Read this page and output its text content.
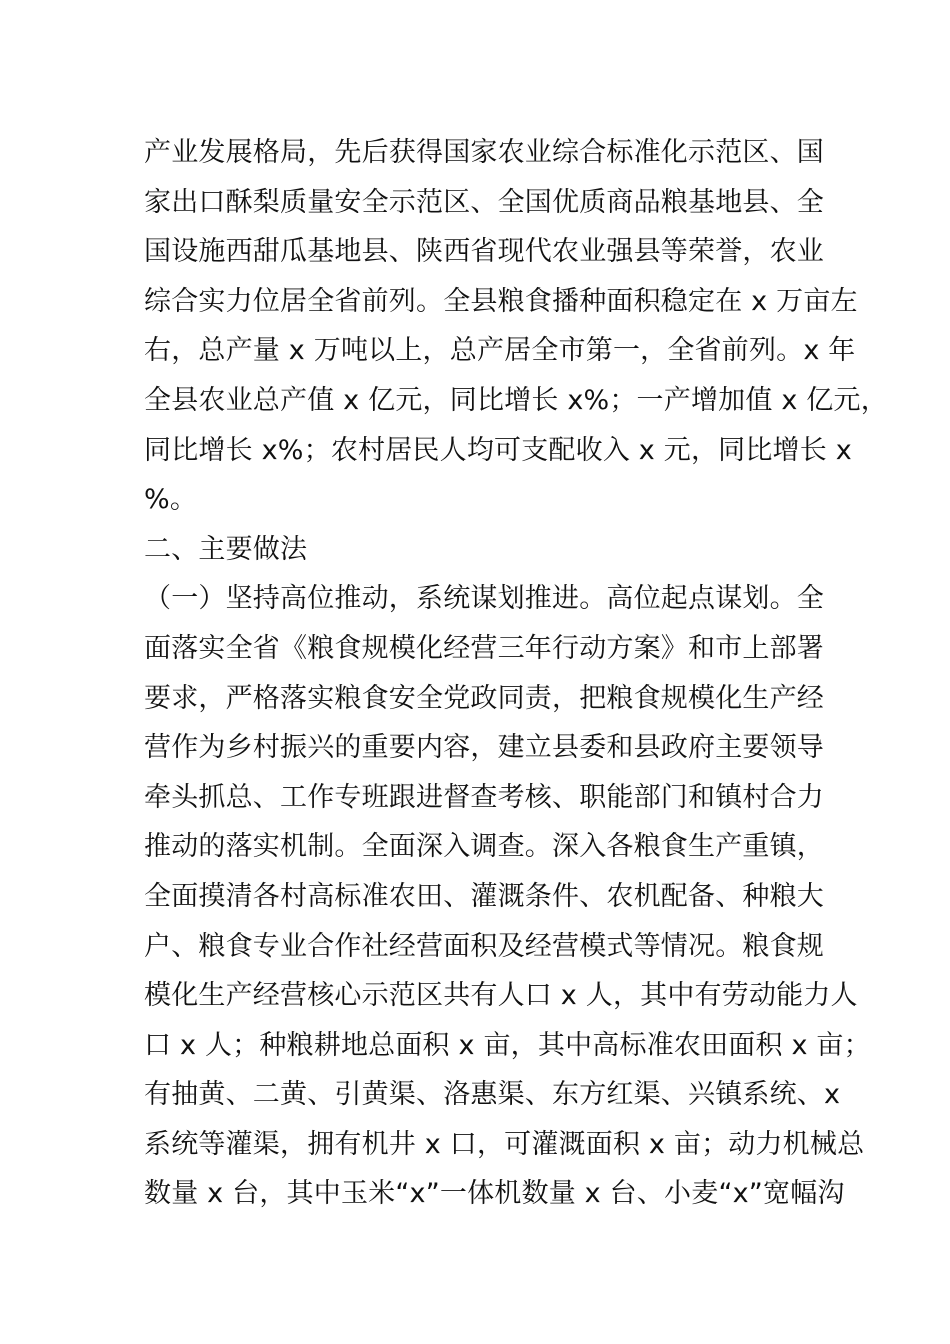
产业发展格局，先后获得国家农业综合标准化示范区、国
家出口酥梨质量安全示范区、全国优质商品粮基地县、全
国设施西甜瓜基地县、陕西省现代农业强县等荣誉，农业
综合实力位居全省前列。全县粮食播种面积稳定在 x 万亩左
右，总产量 x 万吨以上，总产居全市第一，全省前列。x 年
全县农业总产值 x 亿元，同比增长 x%；一产增加值 x 亿元，
同比增长 x%；农村居民人均可支配收入 x 元，同比增长 x
%。
二、主要做法
（一）坚持高位推动，系统谋划推进。高位起点谋划。全
面落实全省《粮食规模化经营三年行动方案》和市上部署
要求，严格落实粮食安全党政同责，把粮食规模化生产经
营作为乡村振兴的重要内容，建立县委和县政府主要领导
牵头抓总、工作专班跟进督查考核、职能部门和镇村合力
推动的落实机制。全面深入调查。深入各粮食生产重镇，
全面摸清各村高标准农田、灌溉条件、农机配备、种粮大
户、粮食专业合作社经营面积及经营模式等情况。粮食规
模化生产经营核心示范区共有人口 x 人，其中有劳动能力人
口 x 人；种粮耕地总面积 x 亩，其中高标准农田面积 x 亩；
有抽黄、二黄、引黄渠、洛惠渠、东方红渠、兴镇系统、x
系统等灌渠，拥有机井 x 口，可灌溉面积 x 亩；动力机械总
数量 x 台，其中玉米“x”一体机数量 x 台、小麦“x”宽幅沟
